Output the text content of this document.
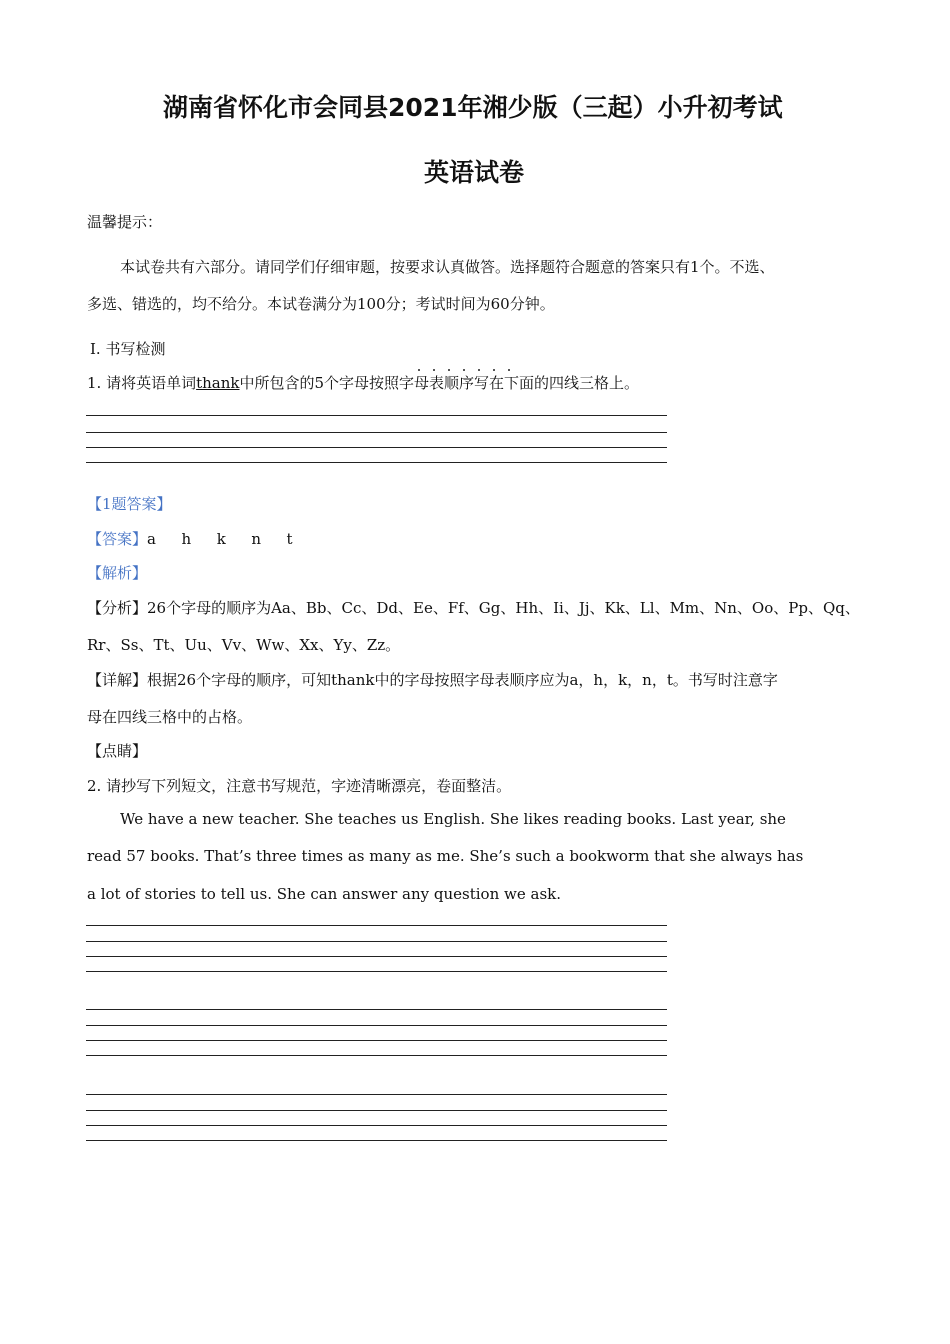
湖南省怀化市会同县2021年湘少版（三起）小升初考试
英语试卷
温馨提示：
本试卷共有六部分。请同学们仔细审题，按要求认真做答。选择题符合题意的答案只有1个。不选、
多选、错选的，均不给分。本试卷满分为100分；考试时间为60分钟。
Ⅰ. 书写检测
1. 请将英语单词thank中所包含的5个字母按照字母表顺序写在下面的四线三格上。
【1题答案】
【答案】a  h  k  n  t
【解析】
【分析】26个字母的顺序为Aa、Bb、Cc、Dd、Ee、Ff、Gg、Hh、Ii、Jj、Kk、Ll、Mm、Nn、Oo、Pp、Qq、
Rr、Ss、Tt、Uu、Vv、Ww、Xx、Yy、Zz。
【详解】根据26个字母的顺序，可知thank中的字母按照字母表顺序应为a，h，k，n，t。书写时注意字
母在四线三格中的占格。
【点睛】
2. 请抄写下列短文，注意书写规范，字迹清晰漂亮，卷面整洁。
We have a new teacher. She teaches us English. She likes reading books. Last year, she
read 57 books. That’s three times as many as me. She’s such a bookworm that she always has
a lot of stories to tell us. She can answer any question we ask.
